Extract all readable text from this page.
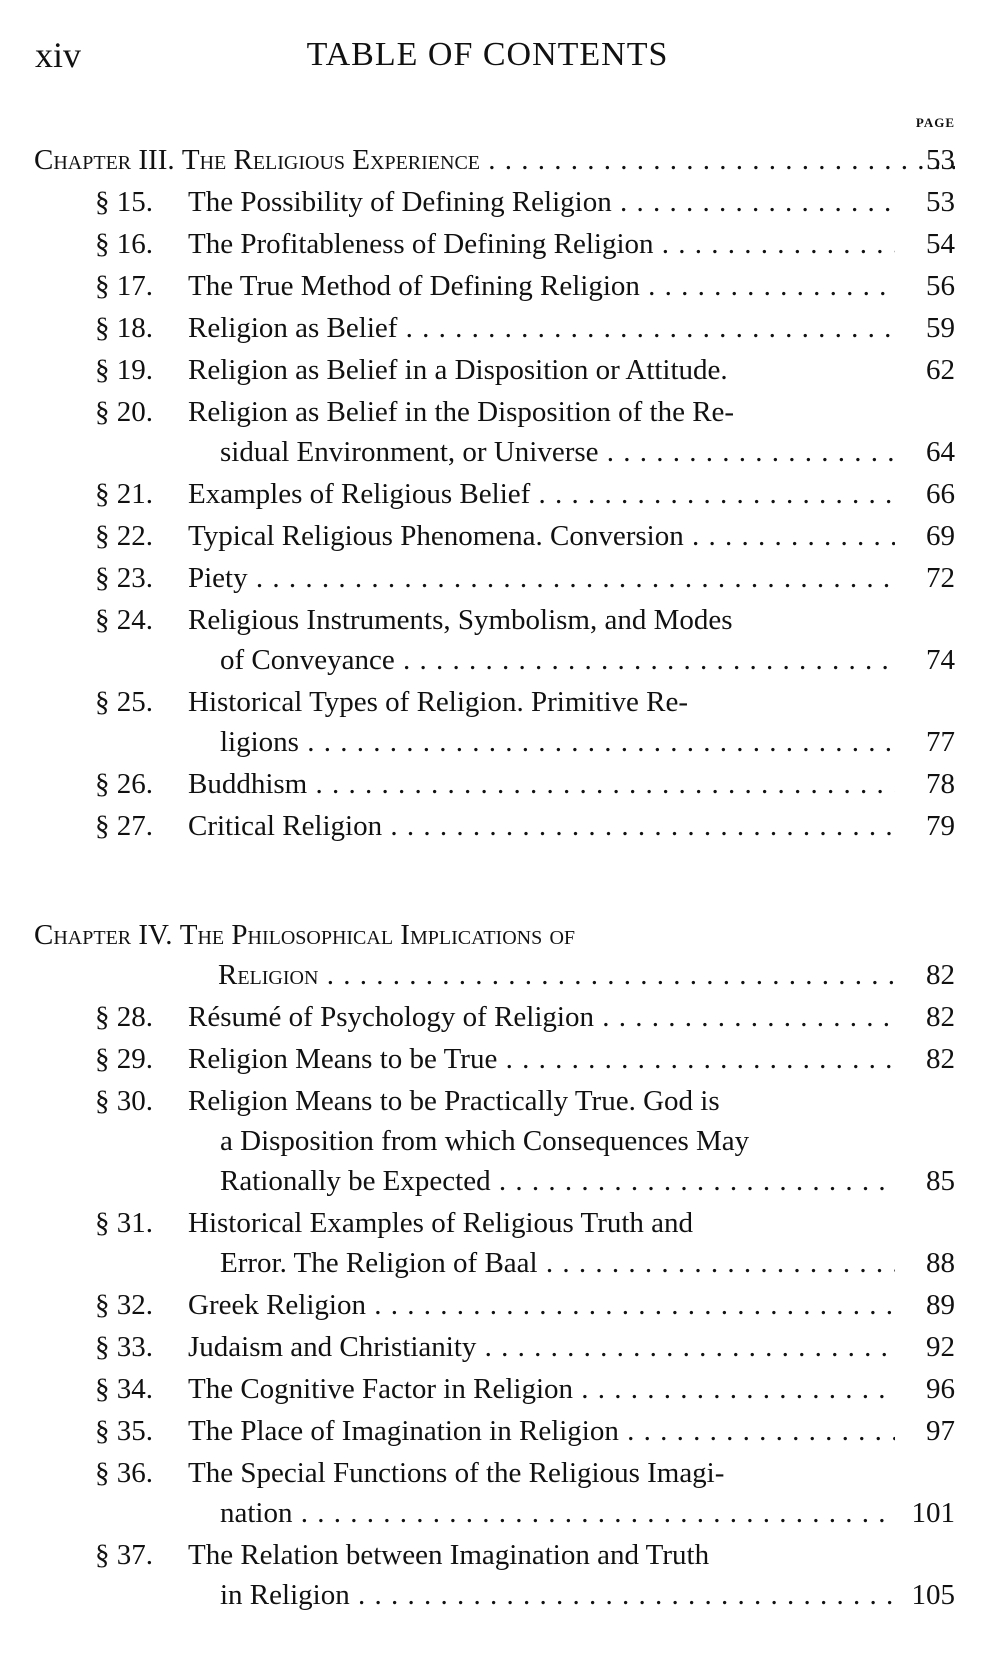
xiv	TABLE OF CONTENTS
PAGE
Chapter III. The Religious Experience . . .	53
§ 15. The Possibility of Defining Religion . . .	53
§ 16. The Profitableness of Defining Religion . . .	54
§ 17. The True Method of Defining Religion . . .	56
§ 18. Religion as Belief . . .	59
§ 19. Religion as Belief in a Disposition or Attitude.	62
§ 20. Religion as Belief in the Disposition of the Re-
sidual Environment, or Universe . . .	64
§ 21. Examples of Religious Belief . . .	66
§ 22. Typical Religious Phenomena. Conversion . . .	69
§ 23. Piety . . .	72
§ 24. Religious Instruments, Symbolism, and Modes
of Conveyance . . .	74
§ 25. Historical Types of Religion. Primitive Re-
ligions . . .	77
§ 26. Buddhism . . .	78
§ 27. Critical Religion . . .	79
Chapter IV. The Philosophical Implications of
Religion . . .	82
§ 28. Résumé of Psychology of Religion . . .	82
§ 29. Religion Means to be True . . .	82
§ 30. Religion Means to be Practically True. God is
a Disposition from which Consequences May
Rationally be Expected . . .	85
§ 31. Historical Examples of Religious Truth and
Error. The Religion of Baal . . .	88
§ 32. Greek Religion . . .	89
§ 33. Judaism and Christianity . . .	92
§ 34. The Cognitive Factor in Religion . . .	96
§ 35. The Place of Imagination in Religion . . .	97
§ 36. The Special Functions of the Religious Imagi-
nation . . .	101
§ 37. The Relation between Imagination and Truth
in Religion . . .	105
